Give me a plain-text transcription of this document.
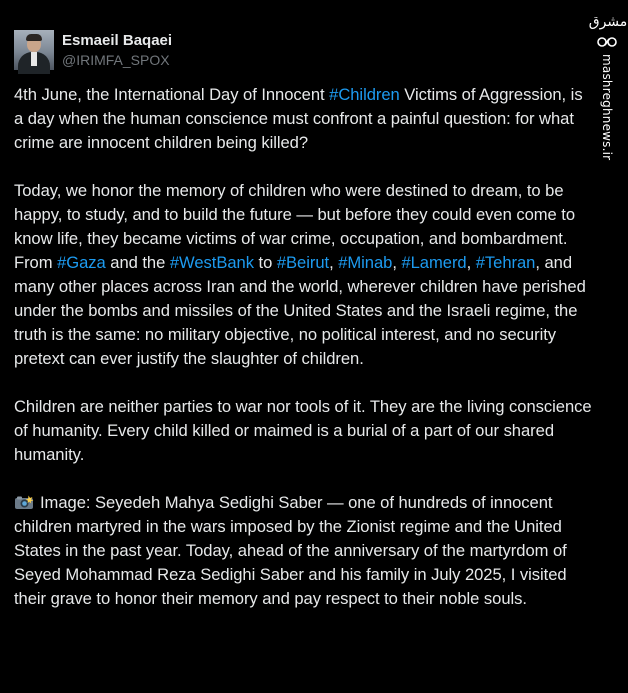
Esmaeil Baqaei
@IRIMFA_SPOX

4th June, the International Day of Innocent #Children Victims of Aggression, is a day when the human conscience must confront a painful question: for what crime are innocent children being killed?

Today, we honor the memory of children who were destined to dream, to be happy, to study, and to build the future — but before they could even come to know life, they became victims of war crime, occupation, and bombardment.

From #Gaza and the #WestBank to #Beirut, #Minab, #Lamerd, #Tehran, and many other places across Iran and the world, wherever children have perished under the bombs and missiles of the United States and the Israeli regime, the truth is the same: no military objective, no political interest, and no security pretext can ever justify the slaughter of children.

Children are neither parties to war nor tools of it. They are the living conscience of humanity. Every child killed or maimed is a burial of a part of our shared humanity.

Image: Seyedeh Mahya Sedighi Saber — one of hundreds of innocent children martyred in the wars imposed by the Zionist regime and the United States in the past year. Today, ahead of the anniversary of the martyrdom of Seyed Mohammad Reza Sedighi Saber and his family in July 2025, I visited their grave to honor their memory and pay respect to their noble souls.

مشرق
mashreghnews.ir
